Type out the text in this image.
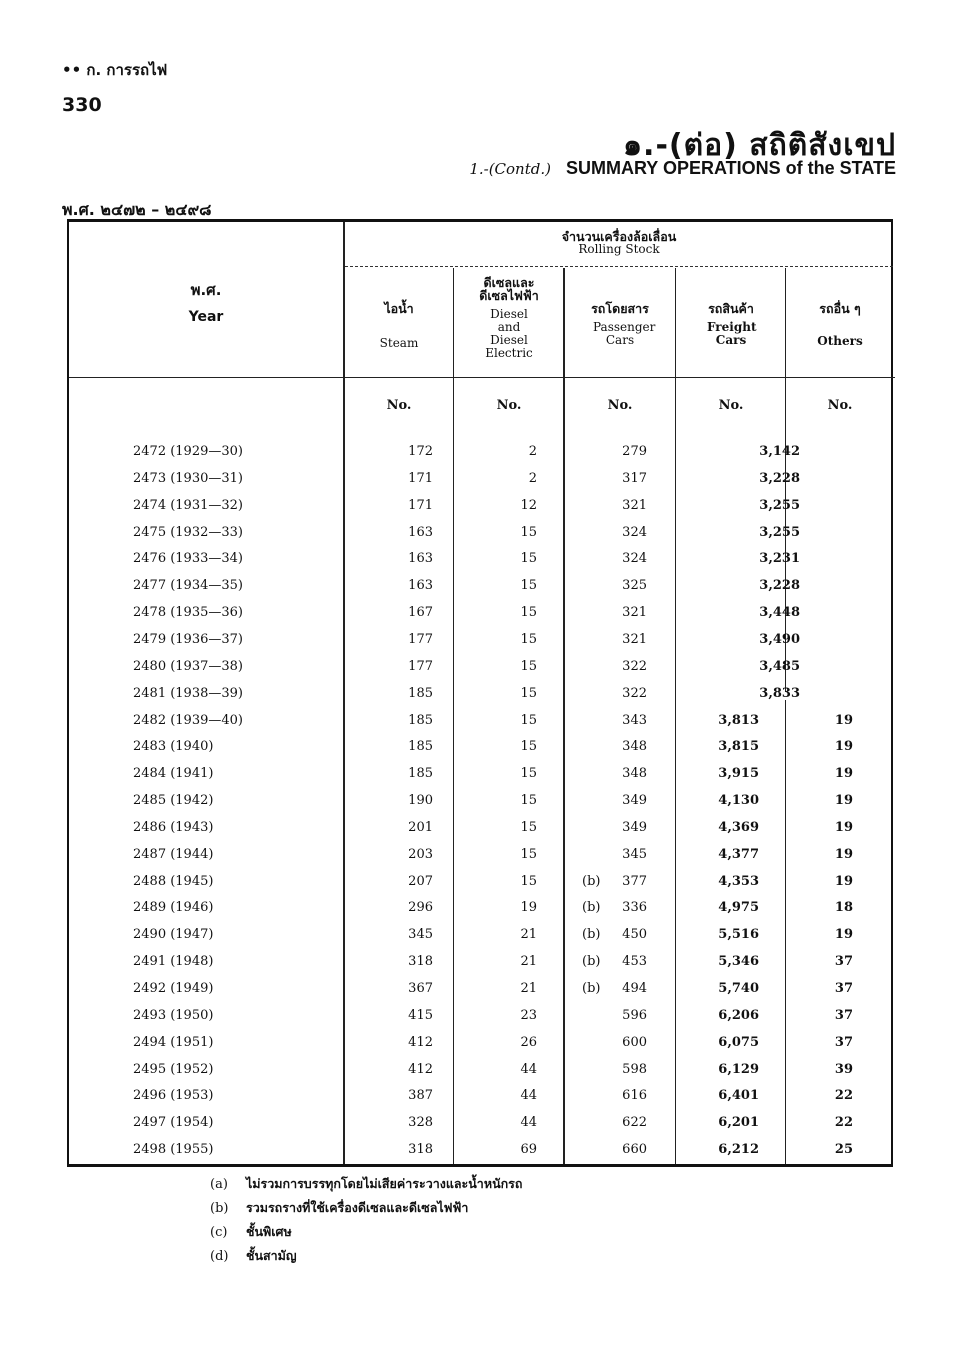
•• ก. การรถไฟ
330
๑.-(ต่อ) สถิติสังเขป
1.-(Contd.) SUMMARY OPERATIONS of the STATE
พ.ศ. ๒๔๗๒ – ๒๔๙๘
จำนวนเครื่องล้อเลื่อน
Rolling Stock
พ.ศ.
Year
ไอน้ำ
Steam
ดีเซลและดีเซลไฟฟ้า
Diesel and Diesel Electric
รถโดยสาร
Passenger Cars
รถสินค้า
Freight Cars
รถอื่น ๆ
Others
No.	No.	No.	No.	No.
2472 (1929—30)	172	2	279	3,142
2473 (1930—31)	171	2	317	3,228
2474 (1931—32)	171	12	321	3,255
2475 (1932—33)	163	15	324	3,255
2476 (1933—34)	163	15	324	3,231
2477 (1934—35)	163	15	325	3,228
2478 (1935—36)	167	15	321	3,448
2479 (1936—37)	177	15	321	3,490
2480 (1937—38)	177	15	322	3,485
2481 (1938—39)	185	15	322	3,833
2482 (1939—40)	185	15	343	3,813	19
2483 (1940)	185	15	348	3,815	19
2484 (1941)	185	15	348	3,915	19
2485 (1942)	190	15	349	4,130	19
2486 (1943)	201	15	349	4,369	19
2487 (1944)	203	15	345	4,377	19
2488 (1945)	207	15	(b) 377	4,353	19
2489 (1946)	296	19	(b) 336	4,975	18
2490 (1947)	345	21	(b) 450	5,516	19
2491 (1948)	318	21	(b) 453	5,346	37
2492 (1949)	367	21	(b) 494	5,740	37
2493 (1950)	415	23	596	6,206	37
2494 (1951)	412	26	600	6,075	37
2495 (1952)	412	44	598	6,129	39
2496 (1953)	387	44	616	6,401	22
2497 (1954)	328	44	622	6,201	22
2498 (1955)	318	69	660	6,212	25
(a) ไม่รวมการบรรทุกโดยไม่เสียค่าระวางและน้ำหนักรถ
(b) รวมรถรางที่ใช้เครื่องดีเซลและดีเซลไฟฟ้า
(c) ชั้นพิเศษ
(d) ชั้นสามัญ
